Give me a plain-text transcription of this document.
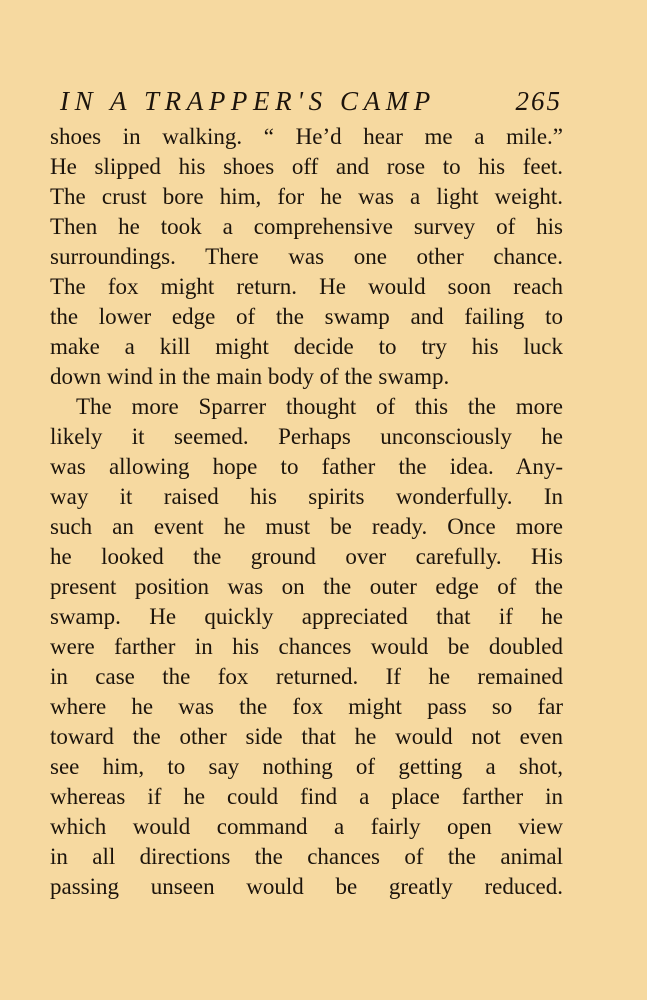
IN A TRAPPER'S CAMP	265
shoes in walking. “ He’d hear me a mile.”
He slipped his shoes off and rose to his feet.
The crust bore him, for he was a light weight.
Then he took a comprehensive survey of his
surroundings. There was one other chance.
The fox might return. He would soon reach
the lower edge of the swamp and failing to
make a kill might decide to try his luck
down wind in the main body of the swamp.
The more Sparrer thought of this the more
likely it seemed. Perhaps unconsciously he
was allowing hope to father the idea. Any-
way it raised his spirits wonderfully. In
such an event he must be ready. Once more
he looked the ground over carefully. His
present position was on the outer edge of the
swamp. He quickly appreciated that if he
were farther in his chances would be doubled
in case the fox returned. If he remained
where he was the fox might pass so far
toward the other side that he would not even
see him, to say nothing of getting a shot,
whereas if he could find a place farther in
which would command a fairly open view
in all directions the chances of the animal
passing unseen would be greatly reduced.
